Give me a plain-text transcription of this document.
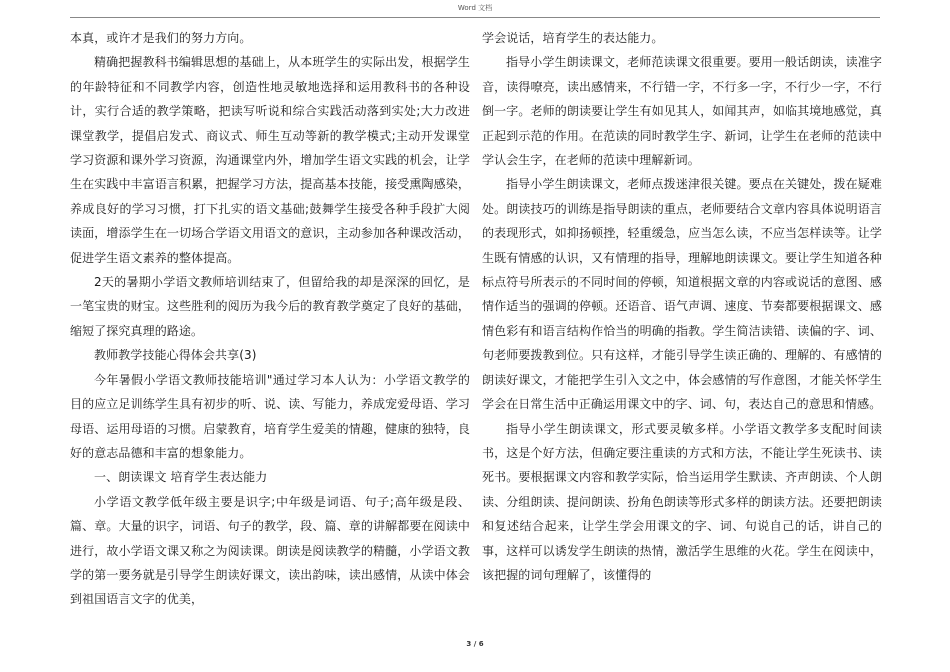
Word 文档

本真，或许才是我们的努力方向。

精确把握教科书编辑思想的基础上，从本班学生的实际出发，根据学生的年龄特征和不同教学内容，创造性地灵敏地选择和运用教科书的各种设计，实行合适的教学策略，把读写听说和综合实践活动落到实处;大力改进课堂教学，提倡启发式、商议式、师生互动等新的教学模式;主动开发课堂学习资源和课外学习资源，沟通课堂内外，增加学生语文实践的机会，让学生在实践中丰富语言积累，把握学习方法，提高基本技能，接受熏陶感染，养成良好的学习习惯，打下扎实的语文基础;鼓舞学生接受各种手段扩大阅读面，增添学生在一切场合学语文用语文的意识，主动参加各种课改活动，促进学生语文素养的整体提高。

2天的暑期小学语文教师培训结束了，但留给我的却是深深的回忆，是一笔宝贵的财宝。这些胜利的阅历为我今后的教育教学奠定了良好的基础，缩短了探究真理的路途。

教师教学技能心得体会共享(3)

今年暑假小学语文教师技能培训"通过学习本人认为：小学语文教学的目的应立足训练学生具有初步的听、说、读、写能力，养成宠爱母语、学习母语、运用母语的习惯。启蒙教育，培育学生爱美的情趣，健康的独特，良好的意志品德和丰富的想象能力。

一、朗读课文 培育学生表达能力

小学语文教学低年级主要是识字;中年级是词语、句子;高年级是段、篇、章。大量的识字，词语、句子的教学，段、篇、章的讲解都要在阅读中进行，故小学语文课又称之为阅读课。朗读是阅读教学的精髓，小学语文教学的第一要务就是引导学生朗读好课文，读出韵味，读出感情，从读中体会到祖国语言文字的优美，

学会说话，培育学生的表达能力。

指导小学生朗读课文，老师范读课文很重要。要用一般话朗读，读准字音，读得嘹亮，读出感情来，不行错一字，不行多一字，不行少一字，不行倒一字。老师的朗读要让学生有如见其人，如闻其声，如临其境地感觉，真正起到示范的作用。在范读的同时教学生字、新词，让学生在老师的范读中学认会生字，在老师的范读中理解新词。

指导小学生朗读课文，老师点拨迷津很关键。要点在关键处，拨在疑难处。朗读技巧的训练是指导朗读的重点，老师要结合文章内容具体说明语言的表现形式，如抑扬顿挫，轻重缓急，应当怎么读，不应当怎样读等。让学生既有情感的认识，又有情理的指导，理解地朗读课文。要让学生知道各种标点符号所表示的不同时间的停顿，知道根据文章的内容或说话的意图、感情作适当的强调的停顿。还语音、语气声调、速度、节奏都要根据课文、感情色彩有和语言结构作恰当的明确的指教。学生简洁读错、读偏的字、词、句老师要拨教到位。只有这样，才能引导学生读正确的、理解的、有感情的朗读好课文，才能把学生引入文之中，体会感情的写作意图，才能关怀学生学会在日常生活中正确运用课文中的字、词、句，表达自己的意思和情感。

指导小学生朗读课文，形式要灵敏多样。小学语文教学多支配时间读书，这是个好方法，但确定要注重读的方式和方法，不能让学生死读书、读死书。要根据课文内容和教学实际，恰当运用学生默读、齐声朗读、个人朗读、分组朗读、提问朗读、扮角色朗读等形式多样的朗读方法。还要把朗读和复述结合起来，让学生学会用课文的字、词、句说自己的话，讲自己的事，这样可以诱发学生朗读的热情，激活学生思维的火花。学生在阅读中，该把握的词句理解了，该懂得的

3 / 6
